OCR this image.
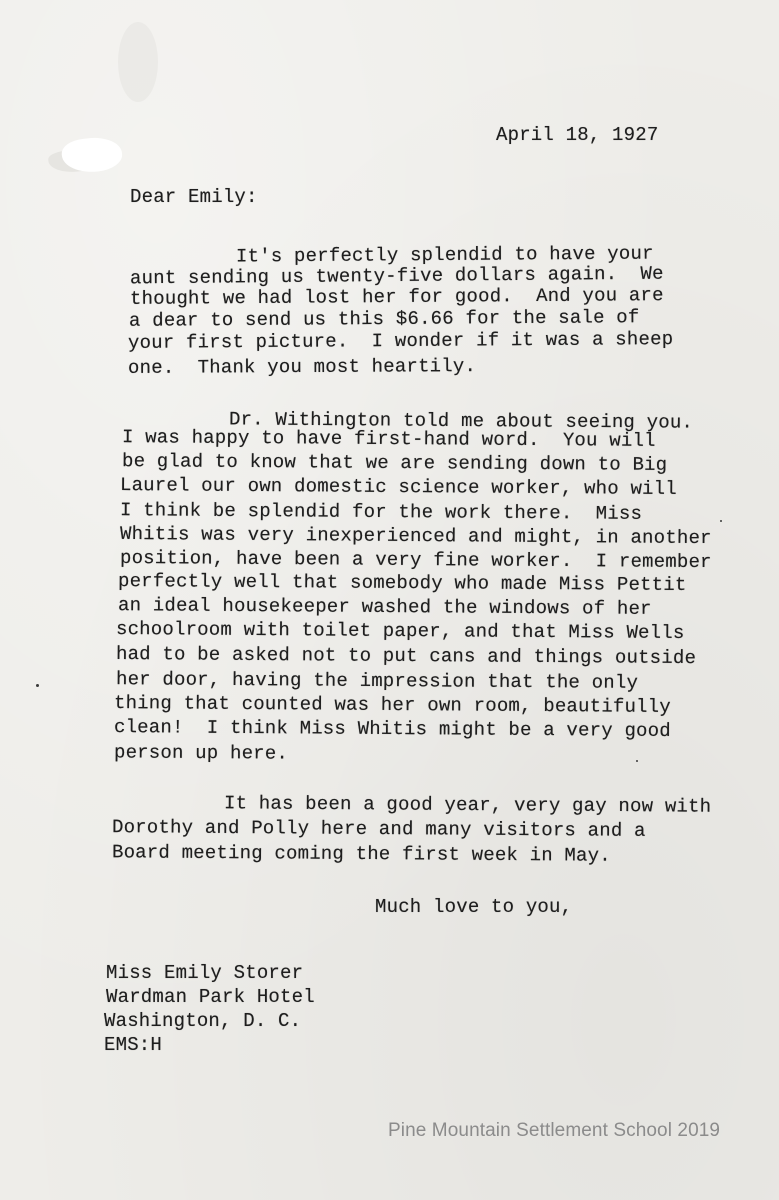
April 18, 1927
Dear Emily:
It's perfectly splendid to have your
aunt sending us twenty-five dollars again.  We
thought we had lost her for good.  And you are
a dear to send us this $6.66 for the sale of
your first picture.  I wonder if it was a sheep
one.  Thank you most heartily.
Dr. Withington told me about seeing you.
I was happy to have first-hand word.  You will
be glad to know that we are sending down to Big
Laurel our own domestic science worker, who will
I think be splendid for the work there.  Miss
Whitis was very inexperienced and might, in another
position, have been a very fine worker.  I remember
perfectly well that somebody who made Miss Pettit
an ideal housekeeper washed the windows of her
schoolroom with toilet paper, and that Miss Wells
had to be asked not to put cans and things outside
her door, having the impression that the only
thing that counted was her own room, beautifully
clean!  I think Miss Whitis might be a very good
person up here.
It has been a good year, very gay now with
Dorothy and Polly here and many visitors and a
Board meeting coming the first week in May.
Much love to you,
Miss Emily Storer
Wardman Park Hotel
Washington, D. C.
EMS:H
Pine Mountain Settlement School 2019
